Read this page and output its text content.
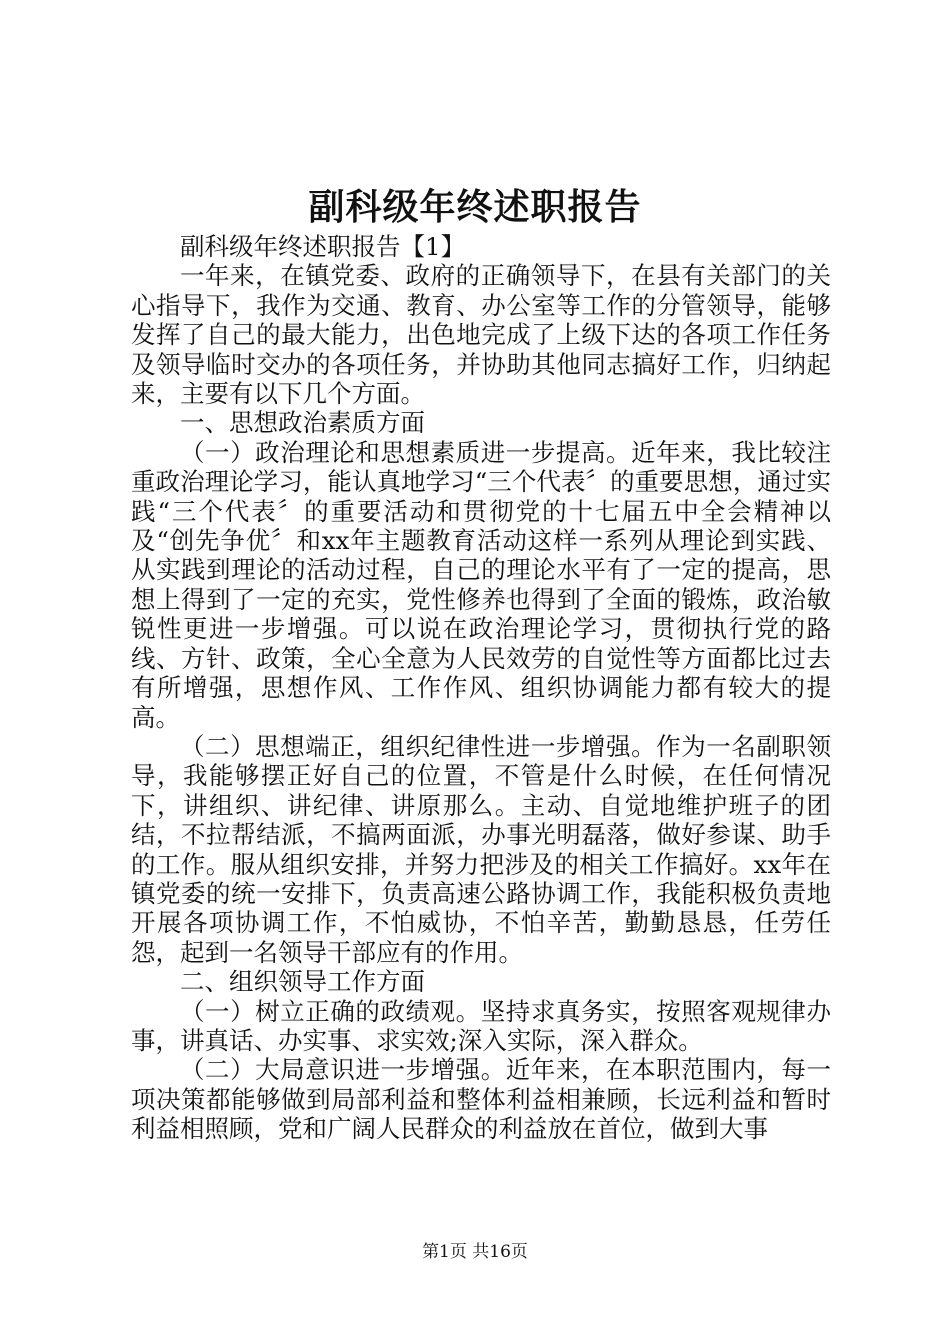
副科级年终述职报告

副科级年终述职报告【1】

一年来，在镇党委、政府的正确领导下，在县有关部门的关心指导下，我作为交通、教育、办公室等工作的分管领导，能够发挥了自己的最大能力，出色地完成了上级下达的各项工作任务及领导临时交办的各项任务，并协助其他同志搞好工作，归纳起来，主要有以下几个方面。

一、思想政治素质方面

（一）政治理论和思想素质进一步提高。近年来，我比较注重政治理论学习，能认真地学习“三个代表〞的重要思想，通过实践“三个代表〞的重要活动和贯彻党的十七届五中全会精神以及“创先争优〞和xx年主题教育活动这样一系列从理论到实践、从实践到理论的活动过程，自己的理论水平有了一定的提高，思想上得到了一定的充实，党性修养也得到了全面的锻炼，政治敏锐性更进一步增强。可以说在政治理论学习，贯彻执行党的路线、方针、政策，全心全意为人民效劳的自觉性等方面都比过去有所增强，思想作风、工作作风、组织协调能力都有较大的提高。

（二）思想端正，组织纪律性进一步增强。作为一名副职领导，我能够摆正好自己的位置，不管是什么时候，在任何情况下，讲组织、讲纪律、讲原那么。主动、自觉地维护班子的团结，不拉帮结派，不搞两面派，办事光明磊落，做好参谋、助手的工作。服从组织安排，并努力把涉及的相关工作搞好。xx年在镇党委的统一安排下，负责高速公路协调工作，我能积极负责地开展各项协调工作，不怕威协，不怕辛苦，勤勤恳恳，任劳任怨，起到一名领导干部应有的作用。

二、组织领导工作方面

（一）树立正确的政绩观。坚持求真务实，按照客观规律办事，讲真话、办实事、求实效;深入实际，深入群众。

（二）大局意识进一步增强。近年来，在本职范围内，每一项决策都能够做到局部利益和整体利益相兼顾，长远利益和暂时利益相照顾，党和广阔人民群众的利益放在首位，做到大事

第1页 共16页
